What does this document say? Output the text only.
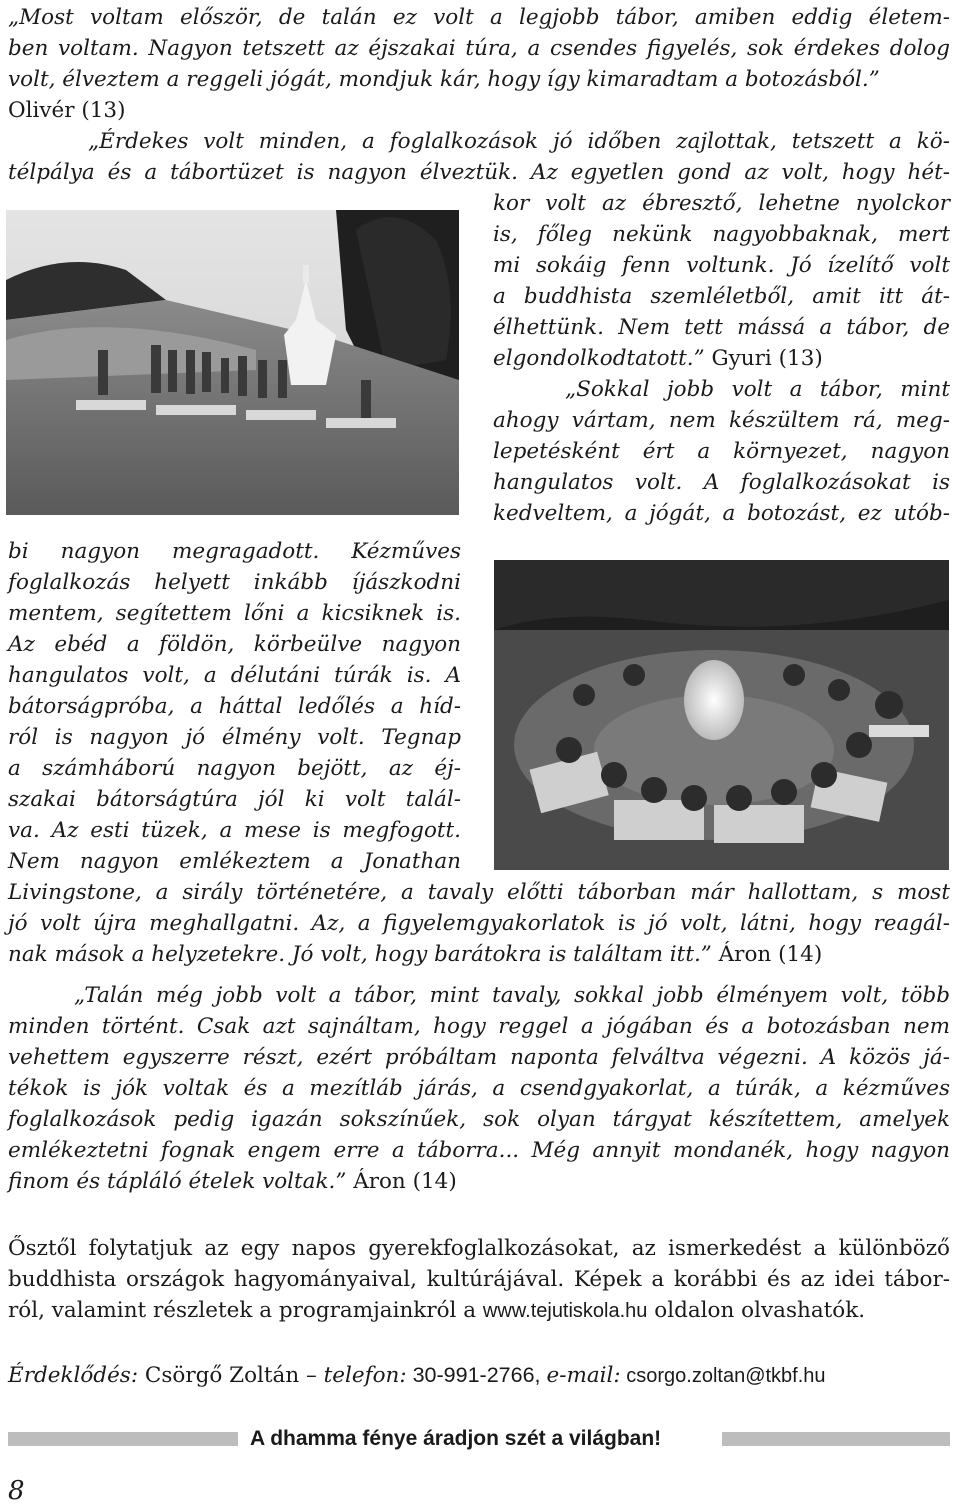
„Most voltam először, de talán ez volt a legjobb tábor, amiben eddig életem-
ben voltam. Nagyon tetszett az éjszakai túra, a csendes figyelés, sok érdekes dolog
volt, élveztem a reggeli jógát, mondjuk kár, hogy így kimaradtam a botozásból.”
Olivér (13)
„Érdekes volt minden, a foglalkozások jó időben zajlottak, tetszett a kö-
télpálya és a tábortüzet is nagyon élveztük. Az egyetlen gond az volt, hogy hét-
kor volt az ébresztő, lehetne nyolckor
is, főleg nekünk nagyobbaknak, mert
mi sokáig fenn voltunk. Jó ízelítő volt
a buddhista szemléletből, amit itt át-
élhettünk. Nem tett mássá a tábor, de
elgondolkodtatott.” Gyuri (13)
„Sokkal jobb volt a tábor, mint
ahogy vártam, nem készültem rá, meg-
lepetésként ért a környezet, nagyon
hangulatos volt. A foglalkozásokat is
kedveltem, a jógát, a botozást, ez utób-
bi nagyon megragadott. Kézműves
foglalkozás helyett inkább íjászkodni
mentem, segítettem lőni a kicsiknek is.
Az ebéd a földön, körbeülve nagyon
hangulatos volt, a délutáni túrák is. A
bátorságpróba, a háttal ledőlés a híd-
ról is nagyon jó élmény volt. Tegnap
a számháború nagyon bejött, az éj-
szakai bátorságtúra jól ki volt talál-
va. Az esti tüzek, a mese is megfogott.
Nem nagyon emlékeztem a Jonathan
Livingstone, a sirály történetére, a tavaly előtti táborban már hallottam, s most
jó volt újra meghallgatni. Az, a figyelemgyakorlatok is jó volt, látni, hogy reagál-
nak mások a helyzetekre. Jó volt, hogy barátokra is találtam itt.” Áron (14)
„Talán még jobb volt a tábor, mint tavaly, sokkal jobb élményem volt, több
minden történt. Csak azt sajnáltam, hogy reggel a jógában és a botozásban nem
vehettem egyszerre részt, ezért próbáltam naponta felváltva végezni. A közös já-
tékok is jók voltak és a mezítláb járás, a csendgyakorlat, a túrák, a kézműves
foglalkozások pedig igazán sokszínűek, sok olyan tárgyat készítettem, amelyek
emlékeztetni fognak engem erre a táborra... Még annyit mondanék, hogy nagyon
finom és tápláló ételek voltak.” Áron (14)
Ősztől folytatjuk az egy napos gyerekfoglalkozásokat, az ismerkedést a különböző
buddhista országok hagyományaival, kultúrájával. Képek a korábbi és az idei tábor-
ról, valamint részletek a programjainkról a www.tejutiskola.hu oldalon olvashatók.
Érdeklődés: Csörgő Zoltán – telefon: 30-991-2766, e-mail: csorgo.zoltan@tkbf.hu
A dhamma fénye áradjon szét a világban!
8
